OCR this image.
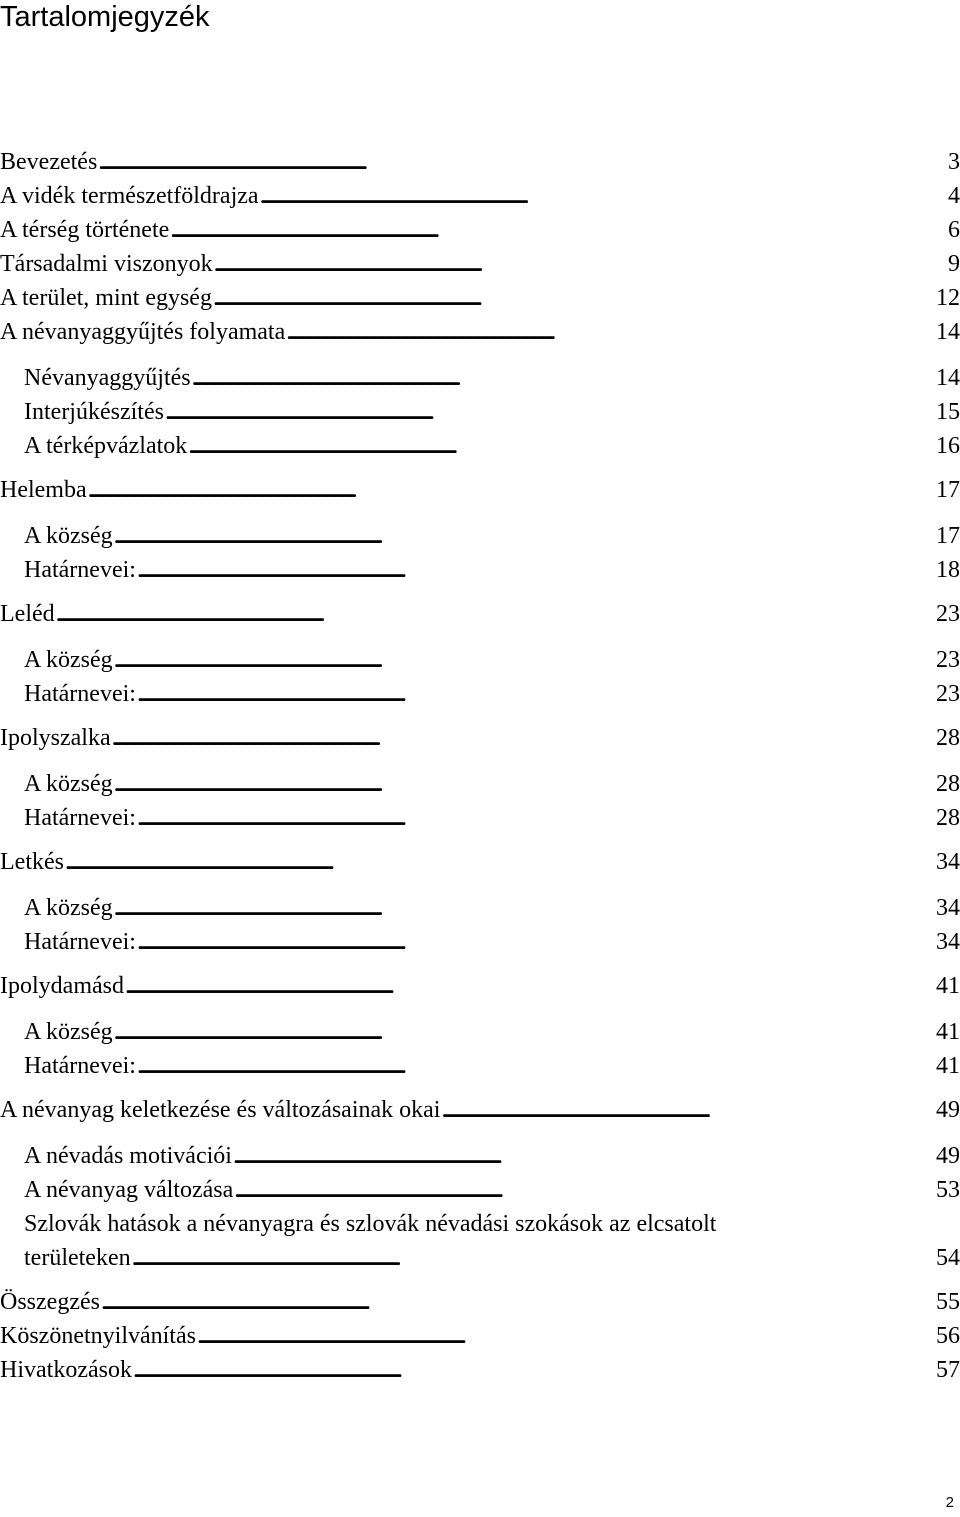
Tartalomjegyzék
Bevezetés . . .	3
A vidék természetföldrajza . . .	4
A térség története . . .	6
Társadalmi viszonyok . . .	9
A terület, mint egység . . .	12
A névanyaggyűjtés folyamata . . .	14
Névanyaggyűjtés . . .	14
Interjúkészítés . . .	15
A térképvázlatok . . .	16
Helemba . . .	17
A község . . .	17
Határnevei: . . .	18
Leléd . . .	23
A község . . .	23
Határnevei: . . .	23
Ipolyszalka . . .	28
A község . . .	28
Határnevei: . . .	28
Letkés . . .	34
A község . . .	34
Határnevei: . . .	34
Ipolydamásd . . .	41
A község . . .	41
Határnevei: . . .	41
A névanyag keletkezése és változásainak okai . . .	49
A névadás motivációi . . .	49
A névanyag változása . . .	53
Szlovák hatások a névanyagra és szlovák névadási szokások az elcsatolt
területeken . . .	54
Összegzés . . .	55
Köszönetnyilvánítás . . .	56
Hivatkozások . . .	57
2
